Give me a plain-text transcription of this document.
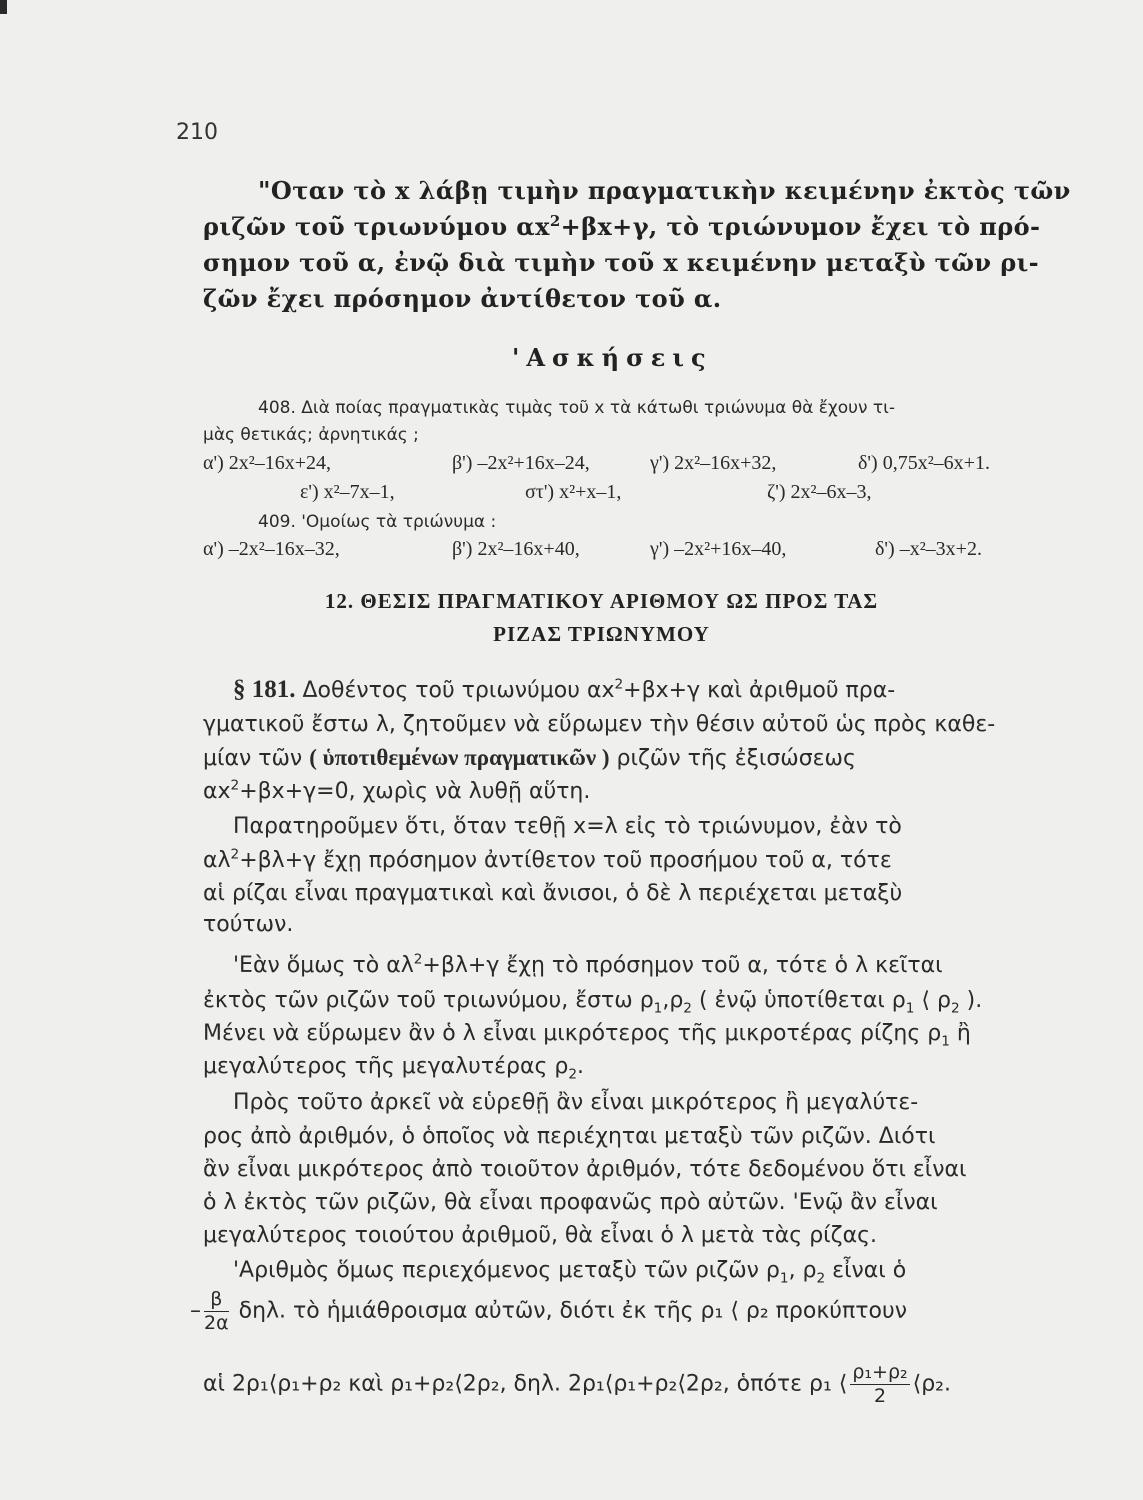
210
"Οταν τὸ x λάβῃ τιμὴν πραγματικὴν κειμένην ἐκτὸς τῶν
ριζῶν τοῦ τριωνύμου $\alpha x^2+\beta x+\gamma$, τὸ τριώνυμον ἔχει τὸ πρό-
σημον τοῦ α, ἐνῷ διὰ τιμὴν τοῦ x κειμένην μεταξὺ τῶν ρι-
ζῶν ἔχει πρόσημον ἀντίθετον τοῦ α.
'Ασκήσεις
408. Διὰ ποίας πραγματικὰς τιμὰς τοῦ x τὰ κάτωθι τριώνυμα θὰ ἔχουν τι-
μὰς θετικάς; ἀρνητικάς ;
α') 2x²–16x+24,	β') –2x²+16x–24,	γ') 2x²–16x+32,	δ') 0,75x²–6x+1.
ε') x²–7x–1,	στ') x²+x–1,	ζ') 2x²–6x–3,
409. 'Ομοίως τὰ τριώνυμα :
α') –2x²–16x–32,	β') 2x²–16x+40,	γ') –2x²+16x–40,	δ') –x²–3x+2.
12. ΘΕΣΙΣ ΠΡΑΓΜΑΤΙΚΟΥ ΑΡΙΘΜΟΥ ΩΣ ΠΡΟΣ ΤΑΣ
ΡΙΖΑΣ ΤΡΙΩΝΥΜΟΥ
§ 181. Δοθέντος τοῦ τριωνύμου $\alpha x^2+\beta x+\gamma$ καὶ ἀριθμοῦ πρα-
γματικοῦ ἔστω λ, ζητοῦμεν νὰ εὕρωμεν τὴν θέσιν αὐτοῦ ὡς πρὸς καθε-
μίαν τῶν ( ὑποτιθεμένων πραγματικῶν ) ριζῶν τῆς ἐξισώσεως
$\alpha x^2+\beta x+\gamma=0$, χωρὶς νὰ λυθῇ αὕτη.
Παρατηροῦμεν ὅτι, ὅταν τεθῇ x=λ εἰς τὸ τριώνυμον, ἐὰν τὸ
$\alpha\lambda^2+\beta\lambda+\gamma$ ἔχῃ πρόσημον ἀντίθετον τοῦ προσήμου τοῦ α, τότε
αἱ ρίζαι εἶναι πραγματικαὶ καὶ ἄνισοι, ὁ δὲ λ περιέχεται μεταξὺ
τούτων.
'Εὰν ὅμως τὸ $\alpha\lambda^2+\beta\lambda+\gamma$ ἔχῃ τὸ πρόσημον τοῦ α, τότε ὁ λ κεῖται
ἐκτὸς τῶν ριζῶν τοῦ τριωνύμου, ἔστω $\rho_1,\rho_2$ ( ἐνῷ ὑποτίθεται $\rho_1$ ⟨ $\rho_2$ ).
Μένει νὰ εὕρωμεν ἂν ὁ λ εἶναι μικρότερος τῆς μικροτέρας ρίζης $\rho_1$ ἢ
μεγαλύτερος τῆς μεγαλυτέρας $\rho_2$.
Πρὸς τοῦτο ἀρκεῖ νὰ εὑρεθῇ ἂν εἶναι μικρότερος ἢ μεγαλύτε-
ρος ἀπὸ ἀριθμόν, ὁ ὁποῖος νὰ περιέχηται μεταξὺ τῶν ριζῶν. Διότι
ἂν εἶναι μικρότερος ἀπὸ τοιοῦτον ἀριθμόν, τότε δεδομένου ὅτι εἶναι
ὁ λ ἐκτὸς τῶν ριζῶν, θὰ εἶναι προφανῶς πρὸ αὐτῶν. 'Ενῷ ἂν εἶναι
μεγαλύτερος τοιούτου ἀριθμοῦ, θὰ εἶναι ὁ λ μετὰ τὰς ρίζας.
'Αριθμὸς ὅμως περιεχόμενος μεταξὺ τῶν ριζῶν $\rho_1$, $\rho_2$ εἶναι ὁ
– $\frac{\beta}{2\alpha} \delta\eta\lambda$. τὸ ἡμιάθροισμα αὐτῶν, διότι ἐκ τῆς ρ₁ ⟨ ρ₂ προκύπτουν
αἱ 2ρ₁⟨ρ₁+ρ₂ καὶ ρ₁+ρ₂⟨2ρ₂, δηλ. 2ρ₁⟨ρ₁+ρ₂⟨2ρ₂, ὁπότε ρ₁ ⟨ $\frac{\text{ρ₁+ρ₂}}{2}$ ⟨ρ₂.
